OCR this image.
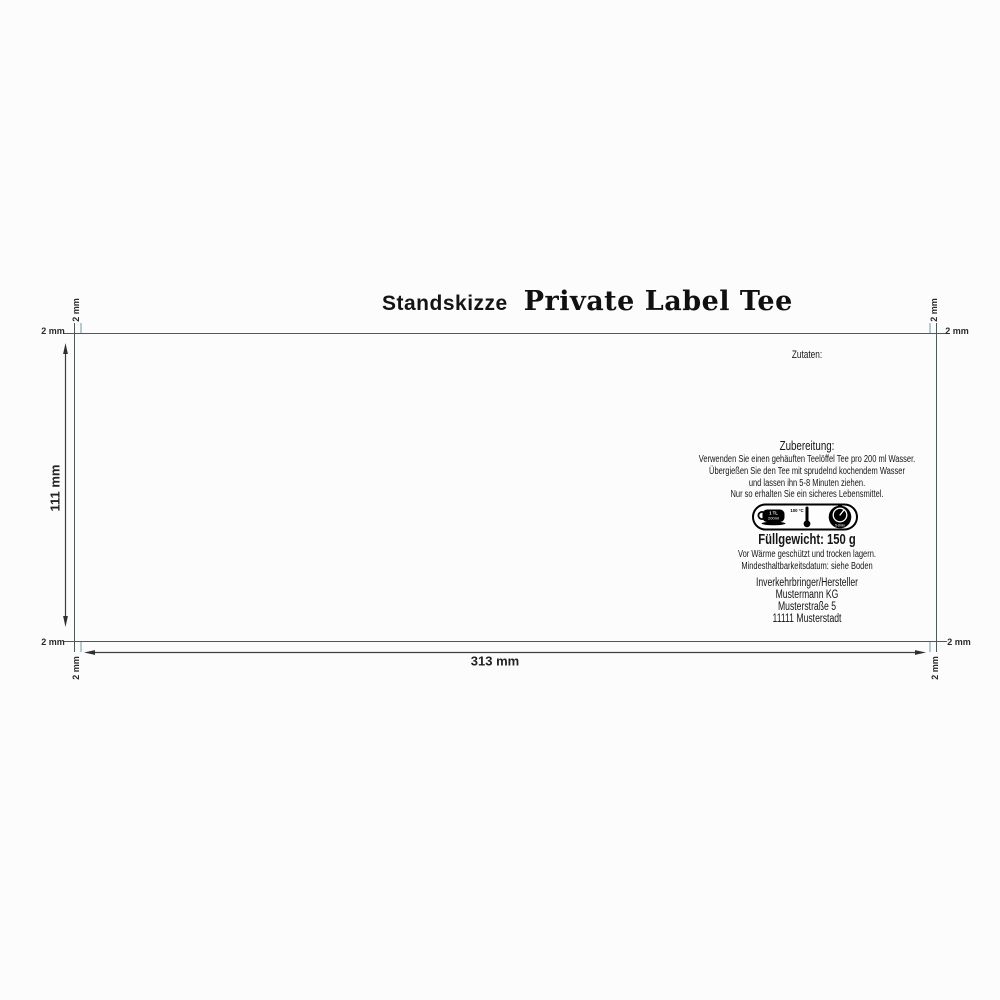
Standskizze Private Label Tee
111 mm
313 mm
2 mm
2 mm
2 mm
2 mm
2 mm
2 mm
2 mm
2 mm
Zutaten:
Zubereitung:
Verwenden Sie einen gehäuften Teelöffel Tee pro 200 ml Wasser.
Übergießen Sie den Tee mit sprudelnd kochendem Wasser
und lassen ihn 5-8 Minuten ziehen.
Nur so erhalten Sie ein sicheres Lebensmittel.
Füllgewicht: 150 g
Vor Wärme geschützt und trocken lagern.
Mindesthaltbarkeitsdatum: siehe Boden
Inverkehrbringer/Hersteller
Mustermann KG
Musterstraße 5
11111 Musterstadt
1 TL
200ml
100 °C
5-8min
